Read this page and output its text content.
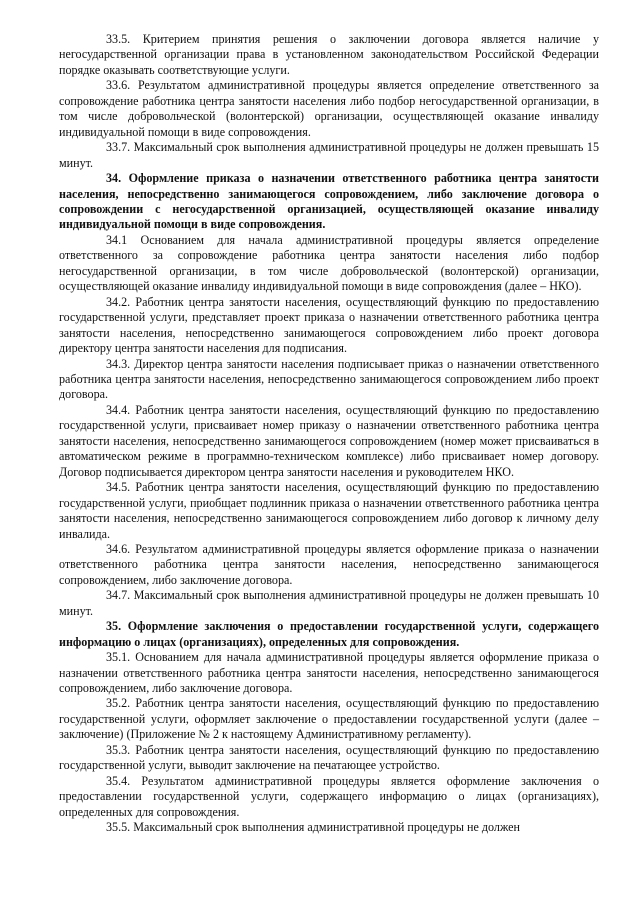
33.5. Критерием принятия решения о заключении договора является наличие у негосударственной организации права в установленном законодательством Российской Федерации порядке оказывать соответствующие услуги.

33.6. Результатом административной процедуры является определение ответственного за сопровождение работника центра занятости населения либо подбор негосударственной организации, в том числе добровольческой (волонтерской) организации, осуществляющей оказание инвалиду индивидуальной помощи в виде сопровождения.

33.7. Максимальный срок выполнения административной процедуры не должен превышать 15 минут.

34. Оформление приказа о назначении ответственного работника центра занятости населения, непосредственно занимающегося сопровождением, либо заключение договора о сопровождении с негосударственной организацией, осуществляющей оказание инвалиду индивидуальной помощи в виде сопровождения.

34.1 Основанием для начала административной процедуры является определение ответственного за сопровождение работника центра занятости населения либо подбор негосударственной организации, в том числе добровольческой (волонтерской) организации, осуществляющей оказание инвалиду индивидуальной помощи в виде сопровождения (далее – НКО).

34.2. Работник центра занятости населения, осуществляющий функцию по предоставлению государственной услуги, представляет проект приказа о назначении ответственного работника центра занятости населения, непосредственно занимающегося сопровождением либо проект договора директору центра занятости населения для подписания.

34.3. Директор центра занятости населения подписывает приказ о назначении ответственного работника центра занятости населения, непосредственно занимающегося сопровождением либо проект договора.

34.4. Работник центра занятости населения, осуществляющий функцию по предоставлению государственной услуги, присваивает номер приказу о назначении ответственного работника центра занятости населения, непосредственно занимающегося сопровождением (номер может присваиваться в автоматическом режиме в программно-техническом комплексе) либо присваивает номер договору. Договор подписывается директором центра занятости населения и руководителем НКО.

34.5. Работник центра занятости населения, осуществляющий функцию по предоставлению государственной услуги, приобщает подлинник приказа о назначении ответственного работника центра занятости населения, непосредственно занимающегося сопровождением либо договор к личному делу инвалида.

34.6. Результатом административной процедуры является оформление приказа о назначении ответственного работника центра занятости населения, непосредственно занимающегося сопровождением, либо заключение договора.

34.7. Максимальный срок выполнения административной процедуры не должен превышать 10 минут.

35. Оформление заключения о предоставлении государственной услуги, содержащего информацию о лицах (организациях), определенных для сопровождения.

35.1. Основанием для начала административной процедуры является оформление приказа о назначении ответственного работника центра занятости населения, непосредственно занимающегося сопровождением, либо заключение договора.

35.2. Работник центра занятости населения, осуществляющий функцию по предоставлению государственной услуги, оформляет заключение о предоставлении государственной услуги (далее – заключение) (Приложение № 2 к настоящему Административному регламенту).

35.3. Работник центра занятости населения, осуществляющий функцию по предоставлению государственной услуги, выводит заключение на печатающее устройство.

35.4. Результатом административной процедуры является оформление заключения о предоставлении государственной услуги, содержащего информацию о лицах (организациях), определенных для сопровождения.

35.5. Максимальный срок выполнения административной процедуры не должен
